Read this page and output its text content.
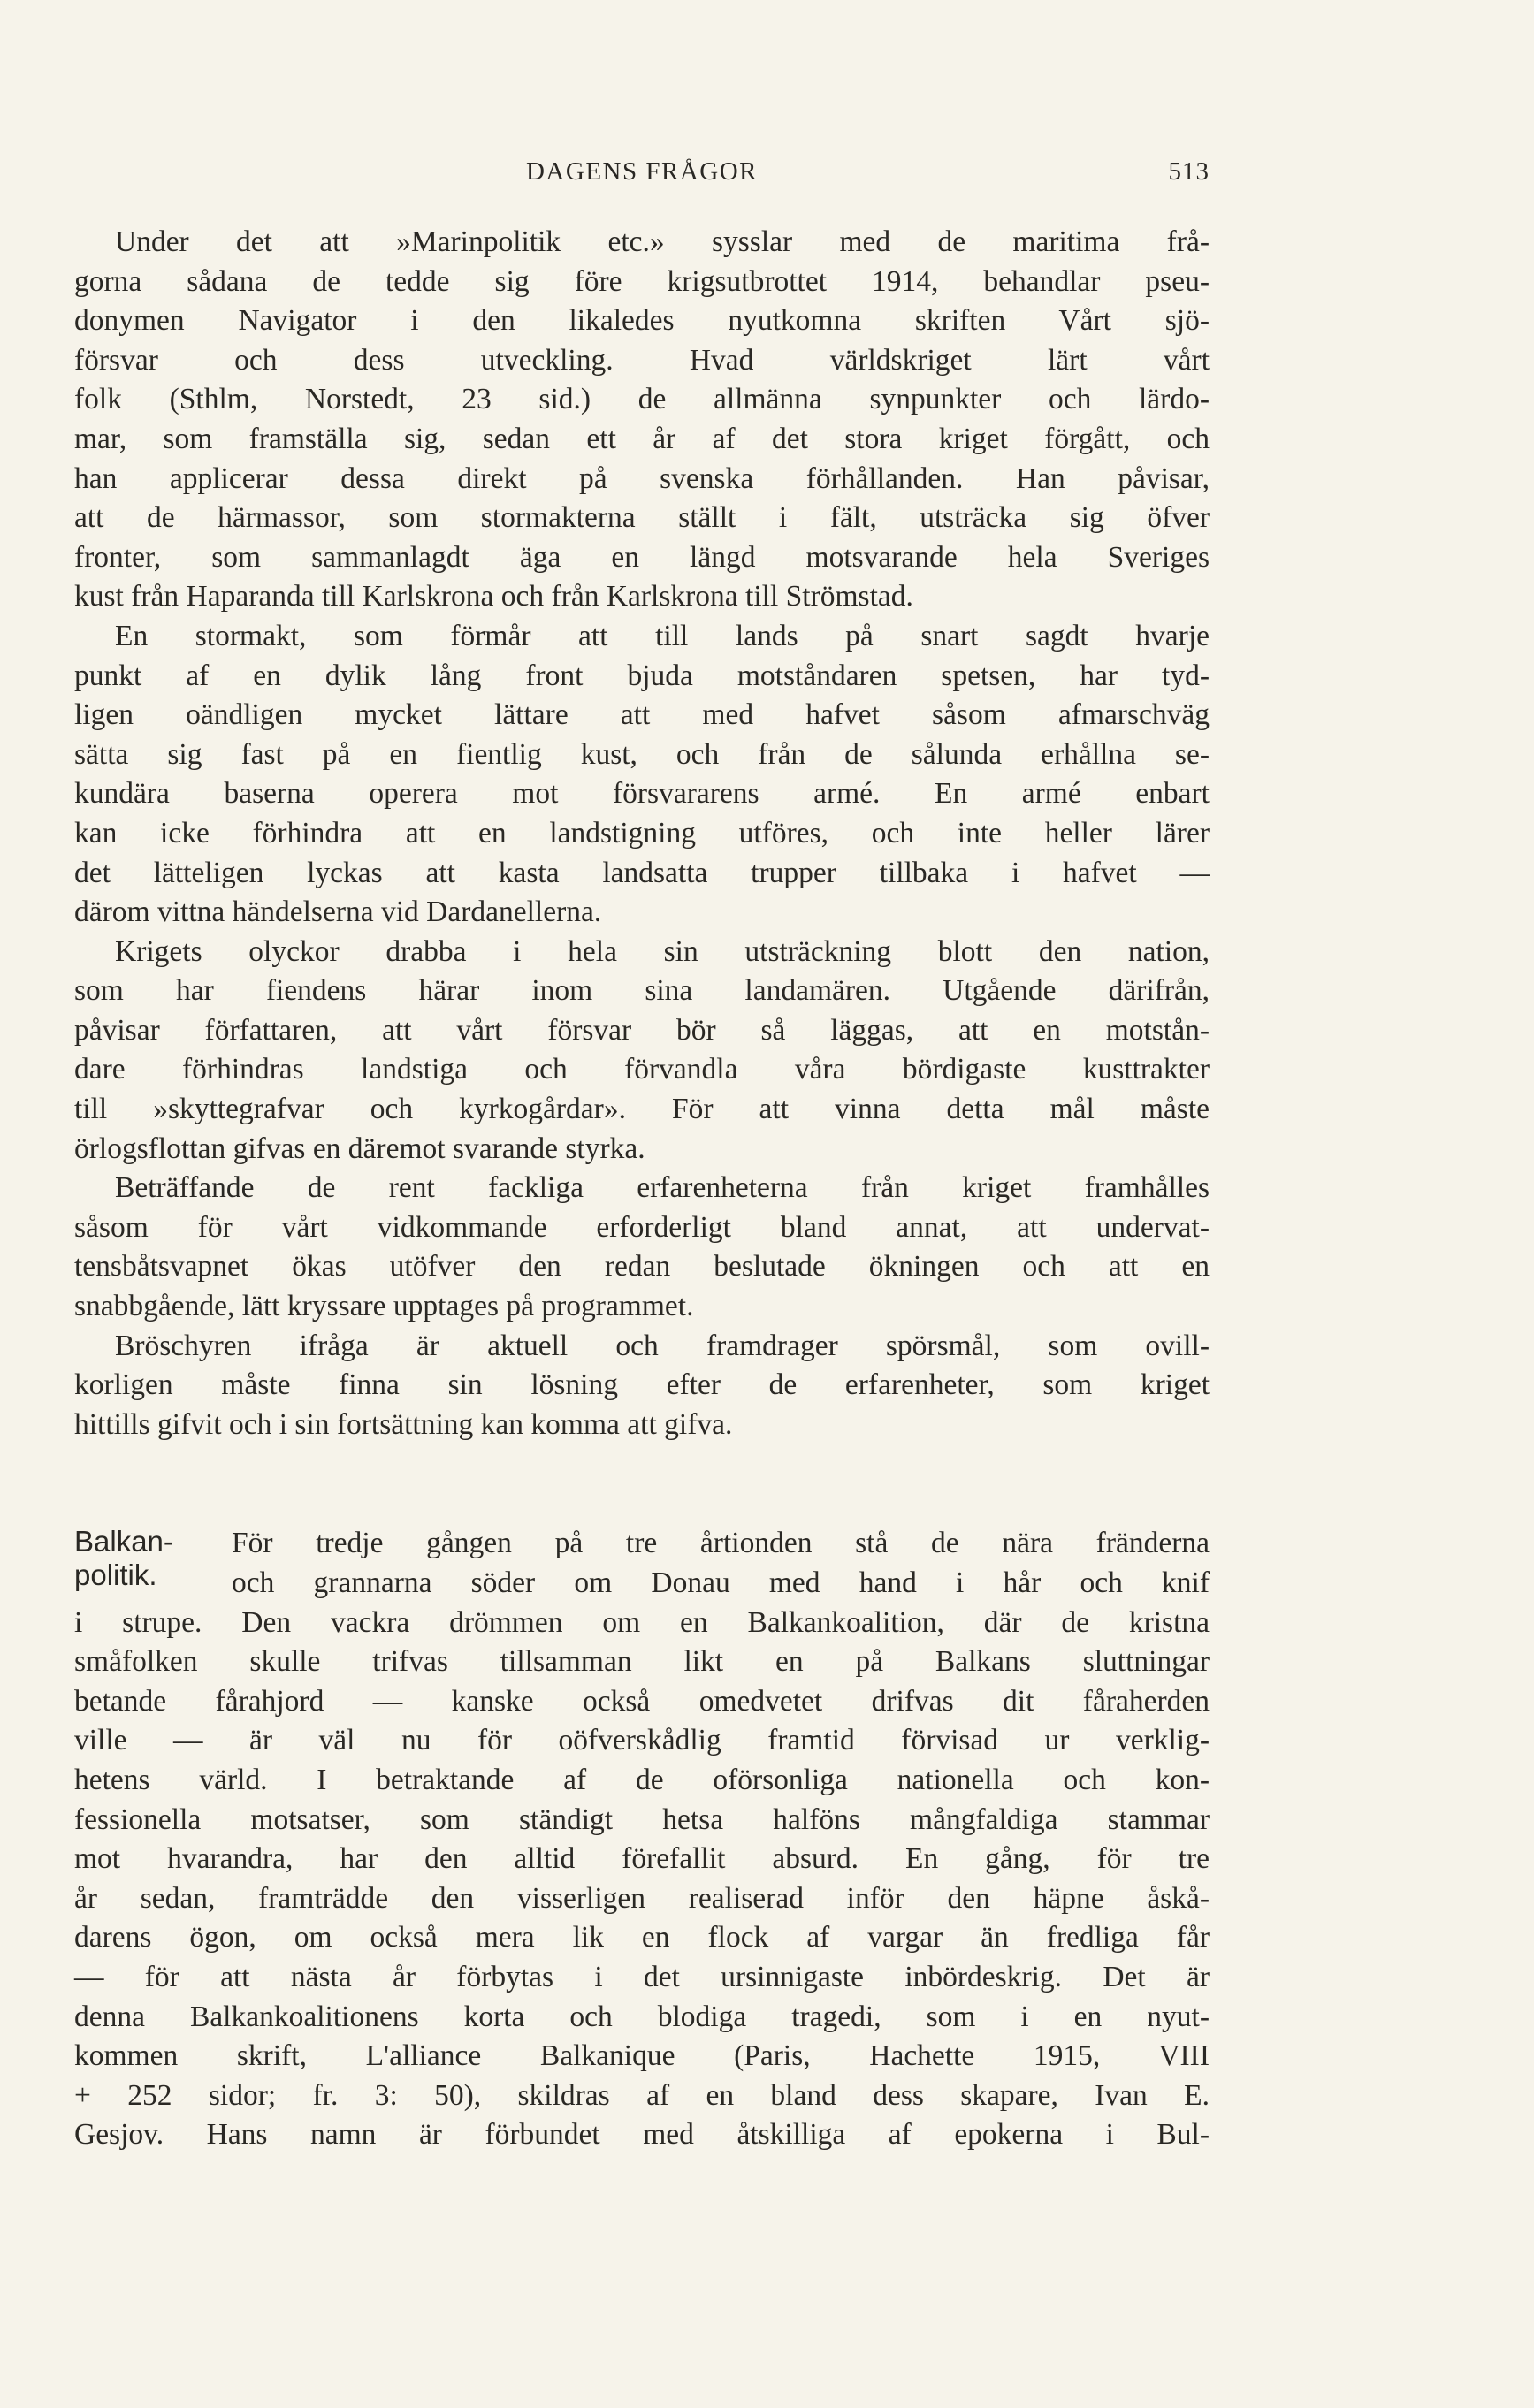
DAGENS FRÅGOR	513
Under det att »Marinpolitik etc.» sysslar med de maritima frå-
gorna sådana de tedde sig före krigsutbrottet 1914, behandlar pseu-
donymen Navigator i den likaledes nyutkomna skriften Vårt sjö-
försvar och dess utveckling. Hvad världskriget lärt vårt
folk (Sthlm, Norstedt, 23 sid.) de allmänna synpunkter och lärdo-
mar, som framställa sig, sedan ett år af det stora kriget förgått, och
han applicerar dessa direkt på svenska förhållanden. Han påvisar,
att de härmassor, som stormakterna ställt i fält, utsträcka sig öfver
fronter, som sammanlagdt äga en längd motsvarande hela Sveriges
kust från Haparanda till Karlskrona och från Karlskrona till Strömstad.
En stormakt, som förmår att till lands på snart sagdt hvarje
punkt af en dylik lång front bjuda motståndaren spetsen, har tyd-
ligen oändligen mycket lättare att med hafvet såsom afmarschväg
sätta sig fast på en fientlig kust, och från de sålunda erhållna se-
kundära baserna operera mot försvararens armé. En armé enbart
kan icke förhindra att en landstigning utföres, och inte heller lärer
det lätteligen lyckas att kasta landsatta trupper tillbaka i hafvet —
därom vittna händelserna vid Dardanellerna.
Krigets olyckor drabba i hela sin utsträckning blott den nation,
som har fiendens härar inom sina landamären. Utgående därifrån,
påvisar författaren, att vårt försvar bör så läggas, att en motstån-
dare förhindras landstiga och förvandla våra bördigaste kusttrakter
till »skyttegrafvar och kyrkogårdar». För att vinna detta mål måste
örlogsflottan gifvas en däremot svarande styrka.
Beträffande de rent fackliga erfarenheterna från kriget framhålles
såsom för vårt vidkommande erforderligt bland annat, att undervat-
tensbåtsvapnet ökas utöfver den redan beslutade ökningen och att en
snabbgående, lätt kryssare upptages på programmet.
Bröschyren ifråga är aktuell och framdrager spörsmål, som ovill-
korligen måste finna sin lösning efter de erfarenheter, som kriget
hittills gifvit och i sin fortsättning kan komma att gifva.
Balkan-
politik.
För tredje gången på tre årtionden stå de nära fränderna
och grannarna söder om Donau med hand i hår och knif
i strupe. Den vackra drömmen om en Balkankoalition, där de kristna
småfolken skulle trifvas tillsamman likt en på Balkans sluttningar
betande fårahjord — kanske också omedvetet drifvas dit fåraherden
ville — är väl nu för oöfverskådlig framtid förvisad ur verklig-
hetens värld. I betraktande af de oförsonliga nationella och kon-
fessionella motsatser, som ständigt hetsa halföns mångfaldiga stammar
mot hvarandra, har den alltid förefallit absurd. En gång, för tre
år sedan, framträdde den visserligen realiserad inför den häpne åskå-
darens ögon, om också mera lik en flock af vargar än fredliga får
— för att nästa år förbytas i det ursinnigaste inbördeskrig. Det är
denna Balkankoalitionens korta och blodiga tragedi, som i en nyut-
kommen skrift, L'alliance Balkanique (Paris, Hachette 1915, VIII
+ 252 sidor; fr. 3: 50), skildras af en bland dess skapare, Ivan E.
Gesjov. Hans namn är förbundet med åtskilliga af epokerna i Bul-
